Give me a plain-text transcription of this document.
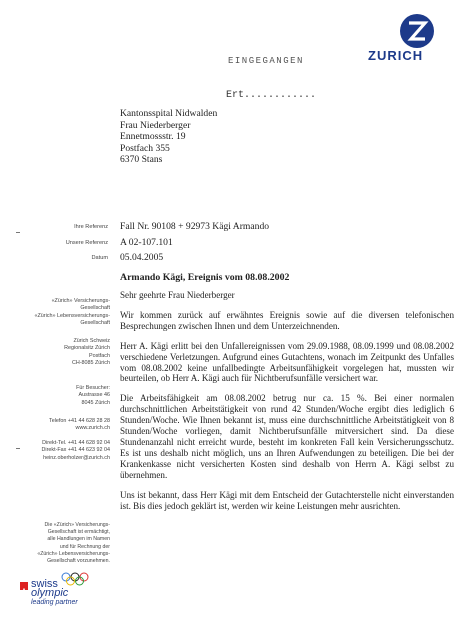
ZURICH
EINGEGANGEN
Ert............
Kantonsspital Nidwalden
Frau Niederberger
Ennetmossstr. 19
Postfach 355
6370 Stans
Ihre Referenz Fall Nr. 90108 + 92973 Kägi Armando
Unsere Referenz A 02-107.101
Datum 05.04.2005
Armando Kägi, Ereignis vom 08.08.2002
«Zürich» Versicherungs-
Gesellschaft
«Zürich» Lebensversicherungs-
Gesellschaft
Zürich Schweiz
Regionalsitz Zürich
Postfach
CH-8085 Zürich
Für Besucher:
Austrasse 46
8045 Zürich
Telefon +41 44 628 28 28
www.zurich.ch
Direkt-Tel. +41 44 628 92 04
Direkt-Fax +41 44 623 92 04
heinz.oberholzer@zurich.ch

Sehr geehrte Frau Niederberger

Wir kommen zurück auf erwähntes Ereignis sowie auf die diversen telefonischen Besprechungen zwischen Ihnen und dem Unterzeichnenden.

Herr A. Kägi erlitt bei den Unfallereignissen vom 29.09.1988, 08.09.1999 und 08.08.2002 verschiedene Verletzungen. Aufgrund eines Gutachtens, wonach im Zeitpunkt des Unfalles vom 08.08.2002 keine unfallbedingte Arbeitsunfähigkeit vorgelegen hat, mussten wir beurteilen, ob Herr A. Kägi auch für Nichtberufsunfälle versichert war.

Die Arbeitsfähigkeit am 08.08.2002 betrug nur ca. 15 %. Bei einer normalen durchschnittlichen Arbeitstätigkeit von rund 42 Stunden/Woche ergibt dies lediglich 6 Stunden/Woche. Wie Ihnen bekannt ist, muss eine durchschnittliche Arbeitstätigkeit von 8 Stunden/Woche vorliegen, damit Nichtberufsunfälle mitversichert sind. Da diese Stundenanzahl nicht erreicht wurde, besteht im konkreten Fall kein Versicherungsschutz. Es ist uns deshalb nicht möglich, uns an Ihren Aufwendungen zu beteiligen. Die bei der Krankenkasse nicht versicherten Kosten sind deshalb von Herrn A. Kägi selbst zu übernehmen.

Uns ist bekannt, dass Herr Kägi mit dem Entscheid der Gutachterstelle nicht einverstanden ist. Bis dies jedoch geklärt ist, werden wir keine Leistungen mehr ausrichten.

Die «Zürich» Versicherungs-
Gesellschaft ist ermächtigt,
alle Handlungen im Namen
und für Rechnung der
«Zürich» Lebensversicherungs-
Gesellschaft vorzunehmen.
swiss
olympic
leading partner
